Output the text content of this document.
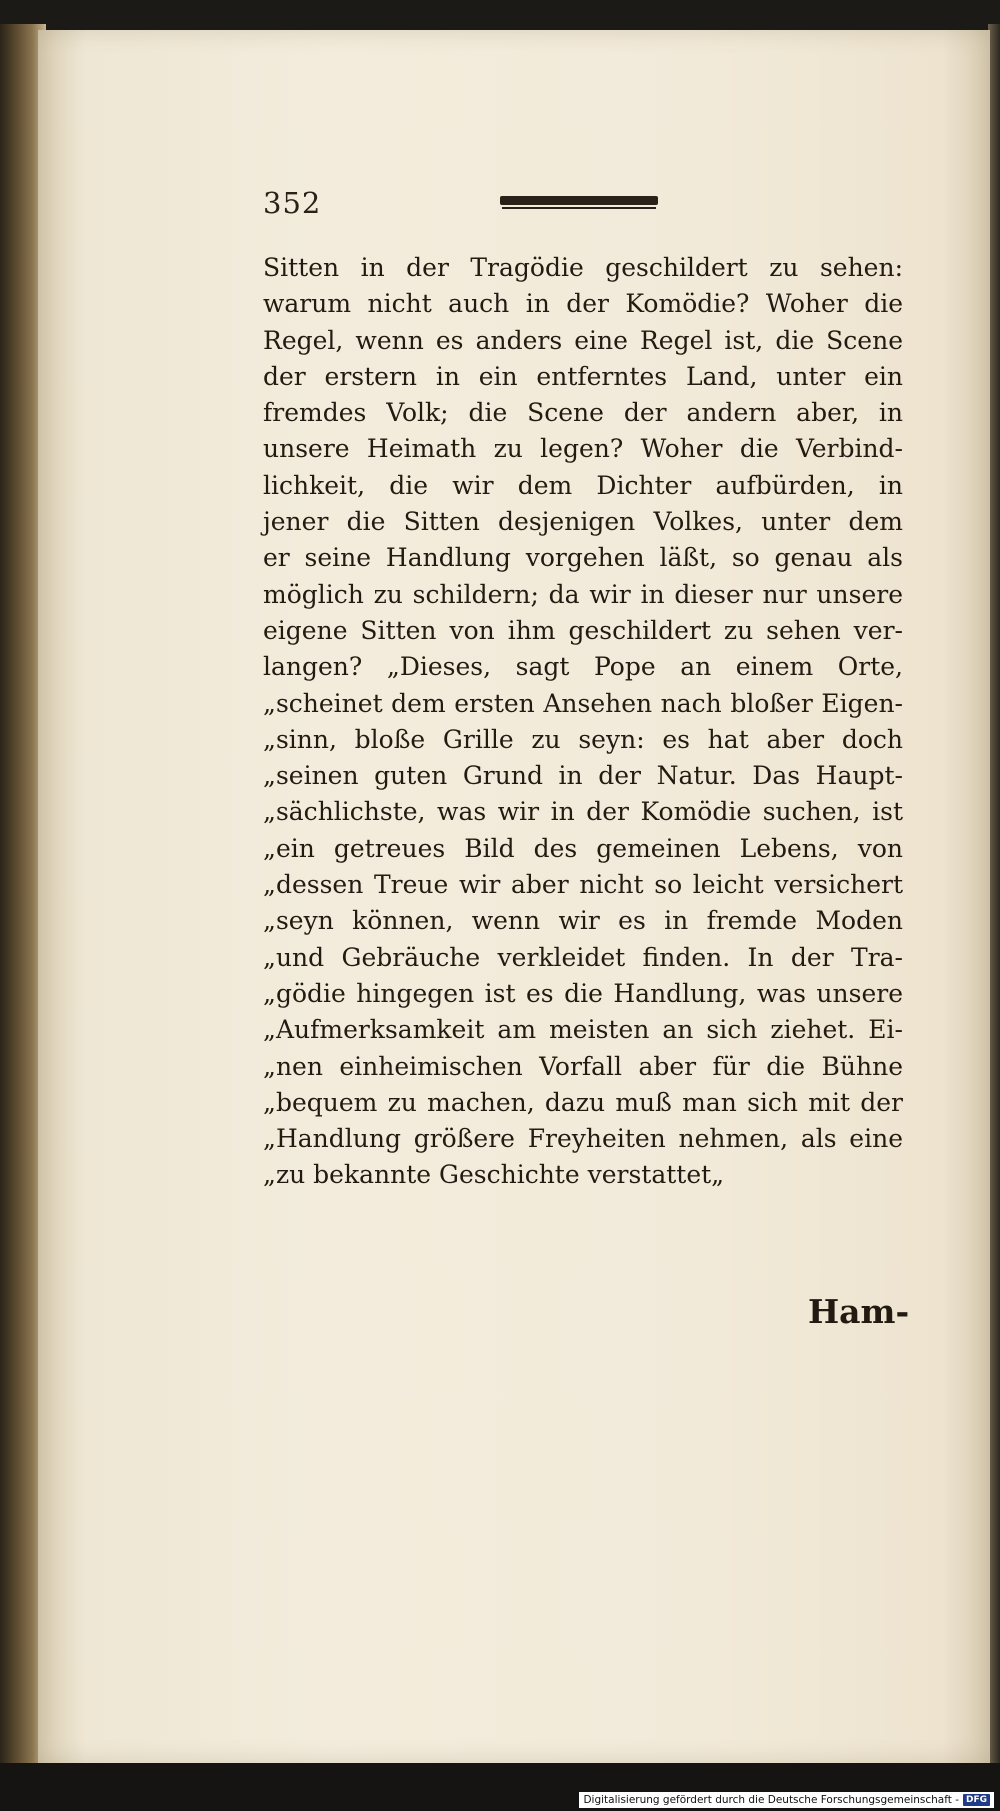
352
Sitten in der Tragödie geschildert zu sehen:
warum nicht auch in der Komödie? Woher die
Regel, wenn es anders eine Regel ist, die Scene
der erstern in ein entferntes Land, unter ein
fremdes Volk; die Scene der andern aber, in
unsere Heimath zu legen? Woher die Verbind-
lichkeit, die wir dem Dichter aufbürden, in
jener die Sitten desjenigen Volkes, unter dem
er seine Handlung vorgehen läßt, so genau als
möglich zu schildern; da wir in dieser nur unsere
eigene Sitten von ihm geschildert zu sehen ver-
langen? „Dieses, sagt Pope an einem Orte,
„scheinet dem ersten Ansehen nach bloßer Eigen-
„sinn, bloße Grille zu seyn: es hat aber doch
„seinen guten Grund in der Natur. Das Haupt-
„sächlichste, was wir in der Komödie suchen, ist
„ein getreues Bild des gemeinen Lebens, von
„dessen Treue wir aber nicht so leicht versichert
„seyn können, wenn wir es in fremde Moden
„und Gebräuche verkleidet finden. In der Tra-
„gödie hingegen ist es die Handlung, was unsere
„Aufmerksamkeit am meisten an sich ziehet. Ei-
„nen einheimischen Vorfall aber für die Bühne
„bequem zu machen, dazu muß man sich mit der
„Handlung größere Freyheiten nehmen, als eine
„zu bekannte Geschichte verstattet„
Ham-
Digitalisierung gefördert durch die Deutsche Forschungsgemeinschaft - DFG
